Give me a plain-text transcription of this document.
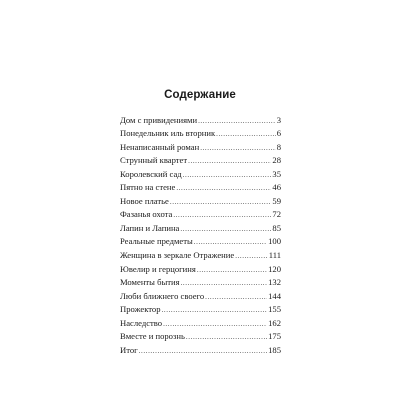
Содержание
Дом с привидениями .....	3
Понедельник иль вторник .....	6
Ненаписанный роман .....	8
Струнный квартет .....	28
Королевский сад .....	35
Пятно на стене .....	46
Новое платье .....	59
Фазанья охота .....	72
Лапин и Лапина .....	85
Реальные предметы .....	100
Женщина в зеркале Отражение .....	111
Ювелир и герцогиня .....	120
Моменты бытия .....	132
Люби ближнего своего .....	144
Прожектор .....	155
Наследство .....	162
Вместе и порознь .....	175
Итог .....	185
